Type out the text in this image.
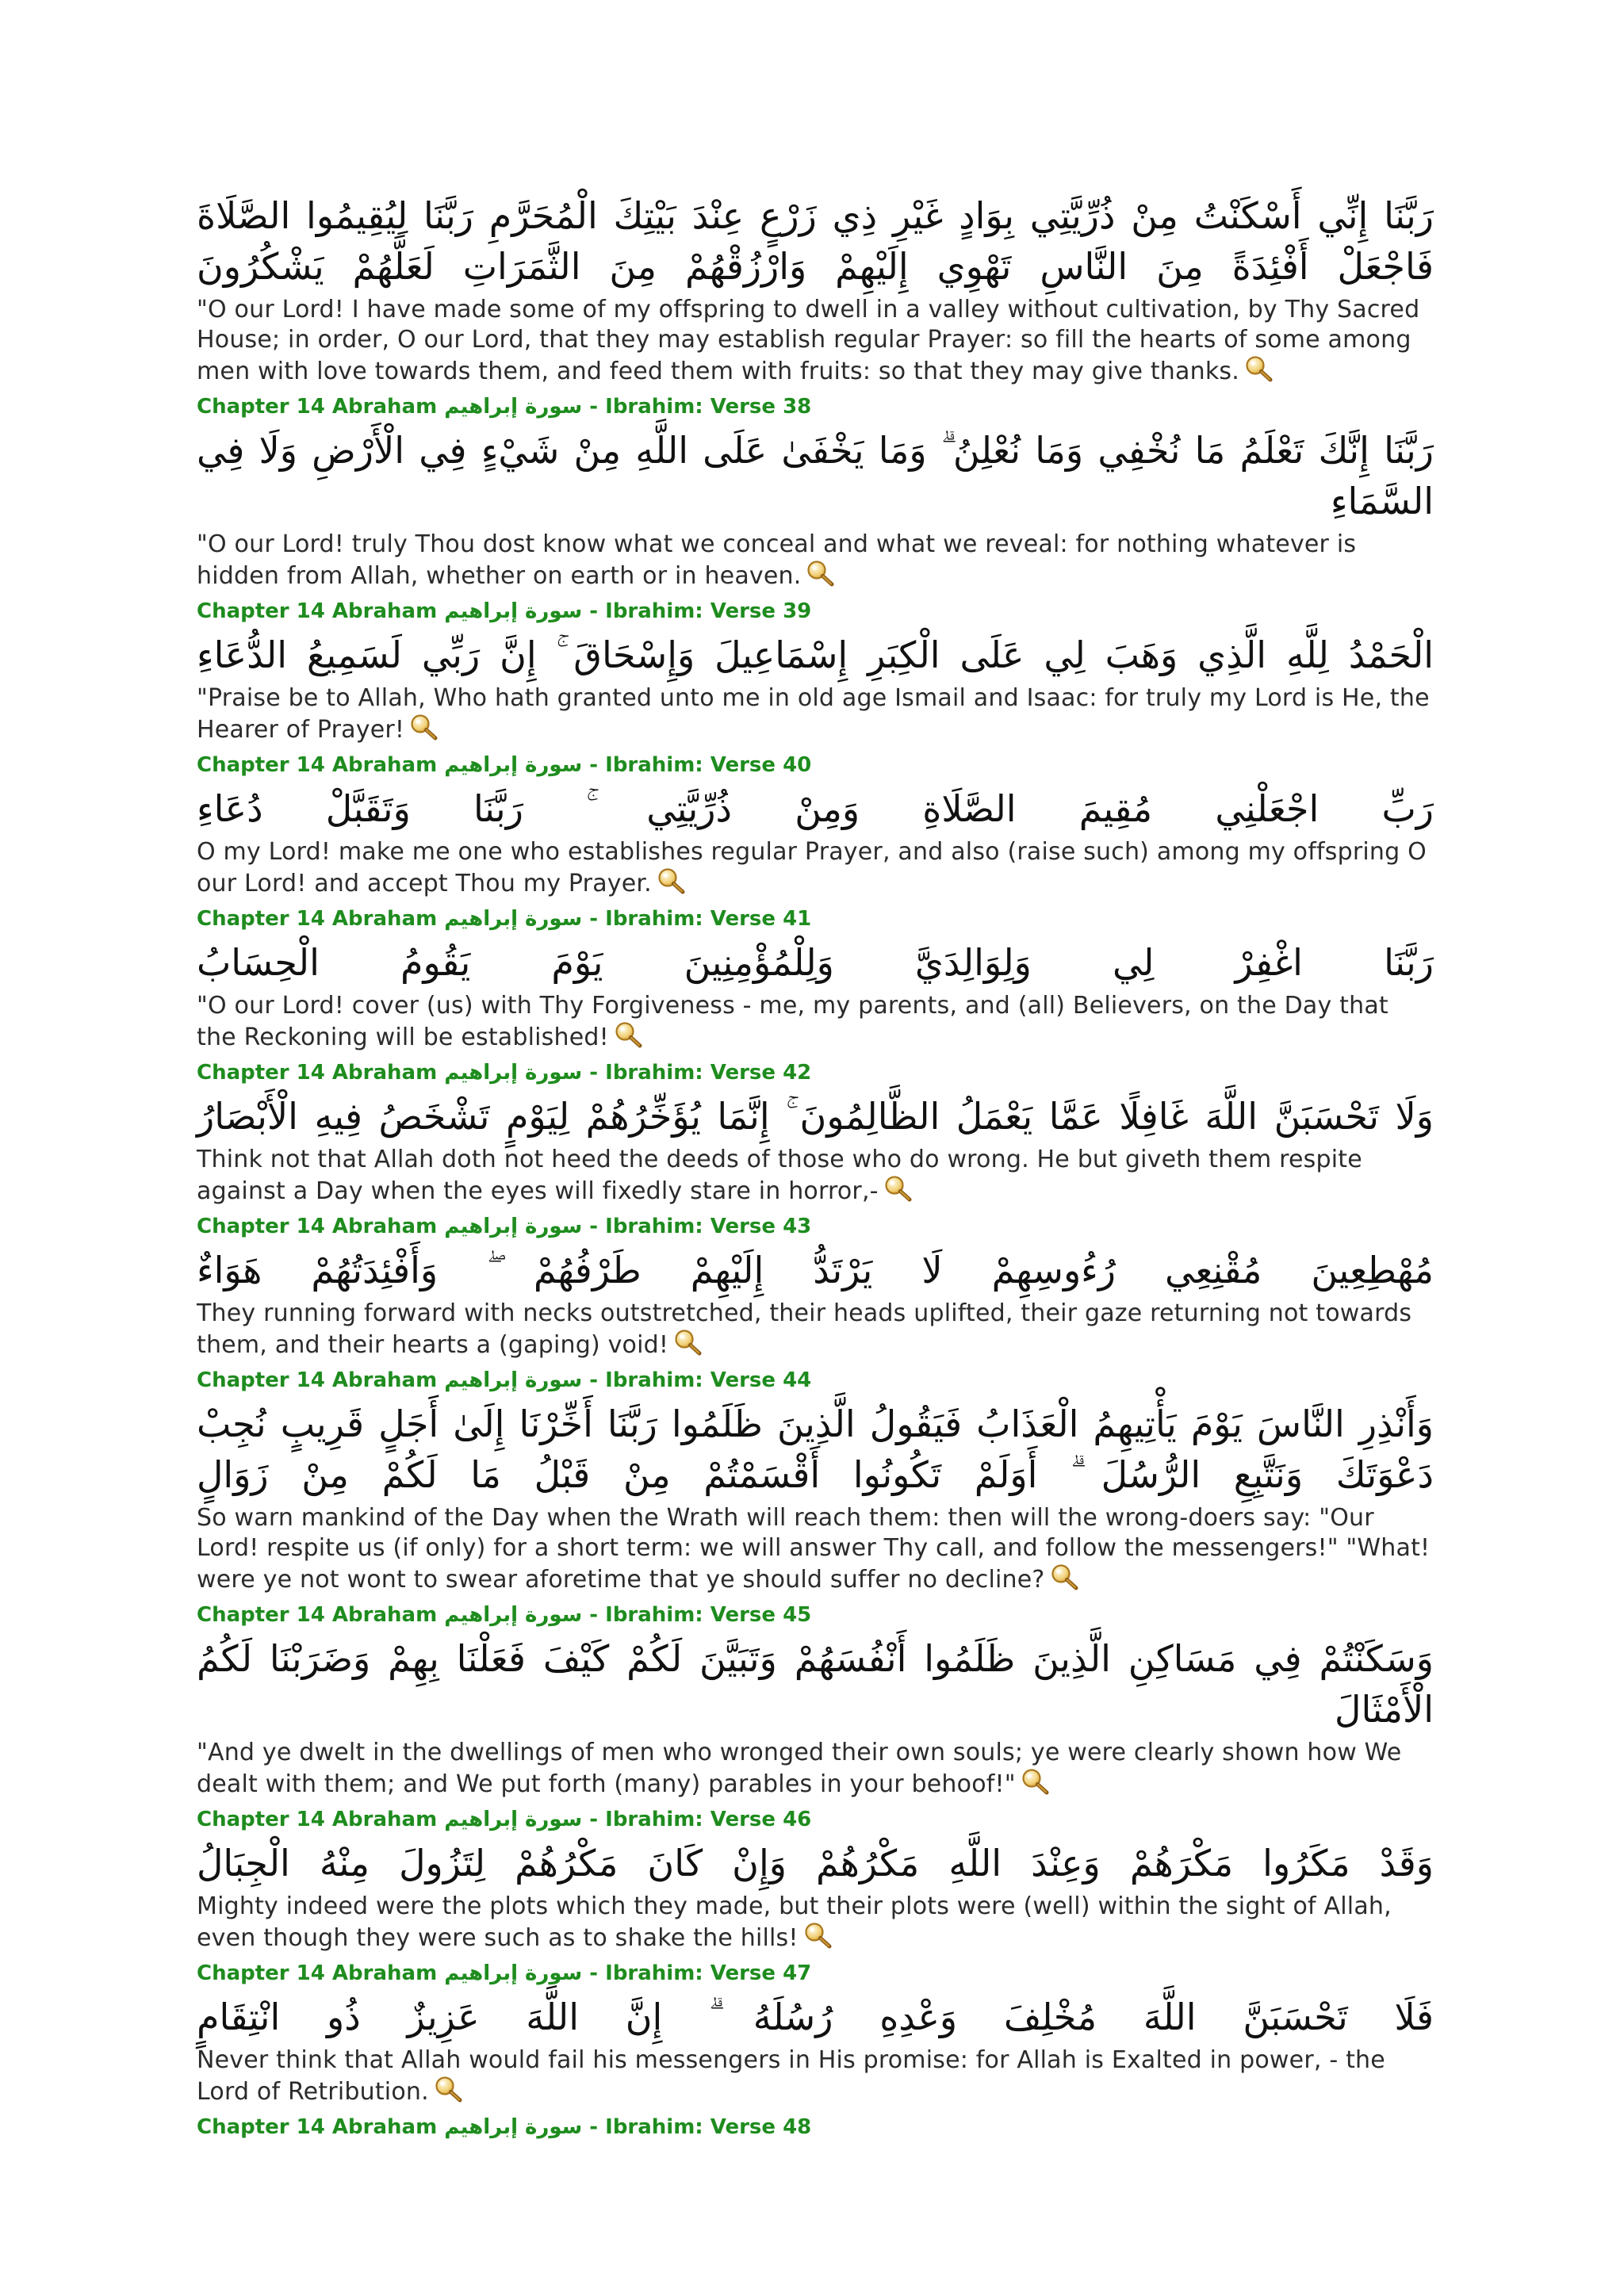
رَبَّنَا إِنِّي أَسْكَنْتُ مِنْ ذُرِّيَّتِي بِوَادٍ غَيْرِ ذِي زَرْعٍ عِنْدَ بَيْتِكَ الْمُحَرَّمِ رَبَّنَا لِيُقِيمُوا الصَّلَاةَ فَاجْعَلْ أَفْئِدَةً مِنَ النَّاسِ تَهْوِي إِلَيْهِمْ وَارْزُقْهُمْ مِنَ الثَّمَرَاتِ لَعَلَّهُمْ يَشْكُرُونَ

"O our Lord! I have made some of my offspring to dwell in a valley without cultivation, by Thy Sacred House; in order, O our Lord, that they may establish regular Prayer: so fill the hearts of some among men with love towards them, and feed them with fruits: so that they may give thanks.

Chapter 14 Abraham سورة إبراهيم - Ibrahim: Verse 38

رَبَّنَا إِنَّكَ تَعْلَمُ مَا نُخْفِي وَمَا نُعْلِنُ ۗ وَمَا يَخْفَىٰ عَلَى اللَّهِ مِنْ شَيْءٍ فِي الْأَرْضِ وَلَا فِي السَّمَاءِ

"O our Lord! truly Thou dost know what we conceal and what we reveal: for nothing whatever is hidden from Allah, whether on earth or in heaven.

Chapter 14 Abraham سورة إبراهيم - Ibrahim: Verse 39

الْحَمْدُ لِلَّهِ الَّذِي وَهَبَ لِي عَلَى الْكِبَرِ إِسْمَاعِيلَ وَإِسْحَاقَ ۚ إِنَّ رَبِّي لَسَمِيعُ الدُّعَاءِ

"Praise be to Allah, Who hath granted unto me in old age Ismail and Isaac: for truly my Lord is He, the Hearer of Prayer!

Chapter 14 Abraham سورة إبراهيم - Ibrahim: Verse 40

رَبِّ اجْعَلْنِي مُقِيمَ الصَّلَاةِ وَمِنْ ذُرِّيَّتِي ۚ رَبَّنَا وَتَقَبَّلْ دُعَاءِ

O my Lord! make me one who establishes regular Prayer, and also (raise such) among my offspring O our Lord! and accept Thou my Prayer.

Chapter 14 Abraham سورة إبراهيم - Ibrahim: Verse 41

رَبَّنَا اغْفِرْ لِي وَلِوَالِدَيَّ وَلِلْمُؤْمِنِينَ يَوْمَ يَقُومُ الْحِسَابُ

"O our Lord! cover (us) with Thy Forgiveness - me, my parents, and (all) Believers, on the Day that the Reckoning will be established!

Chapter 14 Abraham سورة إبراهيم - Ibrahim: Verse 42

وَلَا تَحْسَبَنَّ اللَّهَ غَافِلًا عَمَّا يَعْمَلُ الظَّالِمُونَ ۚ إِنَّمَا يُؤَخِّرُهُمْ لِيَوْمٍ تَشْخَصُ فِيهِ الْأَبْصَارُ

Think not that Allah doth not heed the deeds of those who do wrong. He but giveth them respite against a Day when the eyes will fixedly stare in horror,-

Chapter 14 Abraham سورة إبراهيم - Ibrahim: Verse 43

مُهْطِعِينَ مُقْنِعِي رُءُوسِهِمْ لَا يَرْتَدُّ إِلَيْهِمْ طَرْفُهُمْ ۖ وَأَفْئِدَتُهُمْ هَوَاءٌ

They running forward with necks outstretched, their heads uplifted, their gaze returning not towards them, and their hearts a (gaping) void!

Chapter 14 Abraham سورة إبراهيم - Ibrahim: Verse 44

وَأَنْذِرِ النَّاسَ يَوْمَ يَأْتِيهِمُ الْعَذَابُ فَيَقُولُ الَّذِينَ ظَلَمُوا رَبَّنَا أَخِّرْنَا إِلَىٰ أَجَلٍ قَرِيبٍ نُجِبْ دَعْوَتَكَ وَنَتَّبِعِ الرُّسُلَ ۗ أَوَلَمْ تَكُونُوا أَقْسَمْتُمْ مِنْ قَبْلُ مَا لَكُمْ مِنْ زَوَالٍ

So warn mankind of the Day when the Wrath will reach them: then will the wrong-doers say: "Our Lord! respite us (if only) for a short term: we will answer Thy call, and follow the messengers!" "What! were ye not wont to swear aforetime that ye should suffer no decline?

Chapter 14 Abraham سورة إبراهيم - Ibrahim: Verse 45

وَسَكَنْتُمْ فِي مَسَاكِنِ الَّذِينَ ظَلَمُوا أَنْفُسَهُمْ وَتَبَيَّنَ لَكُمْ كَيْفَ فَعَلْنَا بِهِمْ وَضَرَبْنَا لَكُمُ الْأَمْثَالَ

"And ye dwelt in the dwellings of men who wronged their own souls; ye were clearly shown how We dealt with them; and We put forth (many) parables in your behoof!"

Chapter 14 Abraham سورة إبراهيم - Ibrahim: Verse 46

وَقَدْ مَكَرُوا مَكْرَهُمْ وَعِنْدَ اللَّهِ مَكْرُهُمْ وَإِنْ كَانَ مَكْرُهُمْ لِتَزُولَ مِنْهُ الْجِبَالُ

Mighty indeed were the plots which they made, but their plots were (well) within the sight of Allah, even though they were such as to shake the hills!

Chapter 14 Abraham سورة إبراهيم - Ibrahim: Verse 47

فَلَا تَحْسَبَنَّ اللَّهَ مُخْلِفَ وَعْدِهِ رُسُلَهُ ۗ إِنَّ اللَّهَ عَزِيزٌ ذُو انْتِقَامٍ

Never think that Allah would fail his messengers in His promise: for Allah is Exalted in power, - the Lord of Retribution.

Chapter 14 Abraham سورة إبراهيم - Ibrahim: Verse 48
